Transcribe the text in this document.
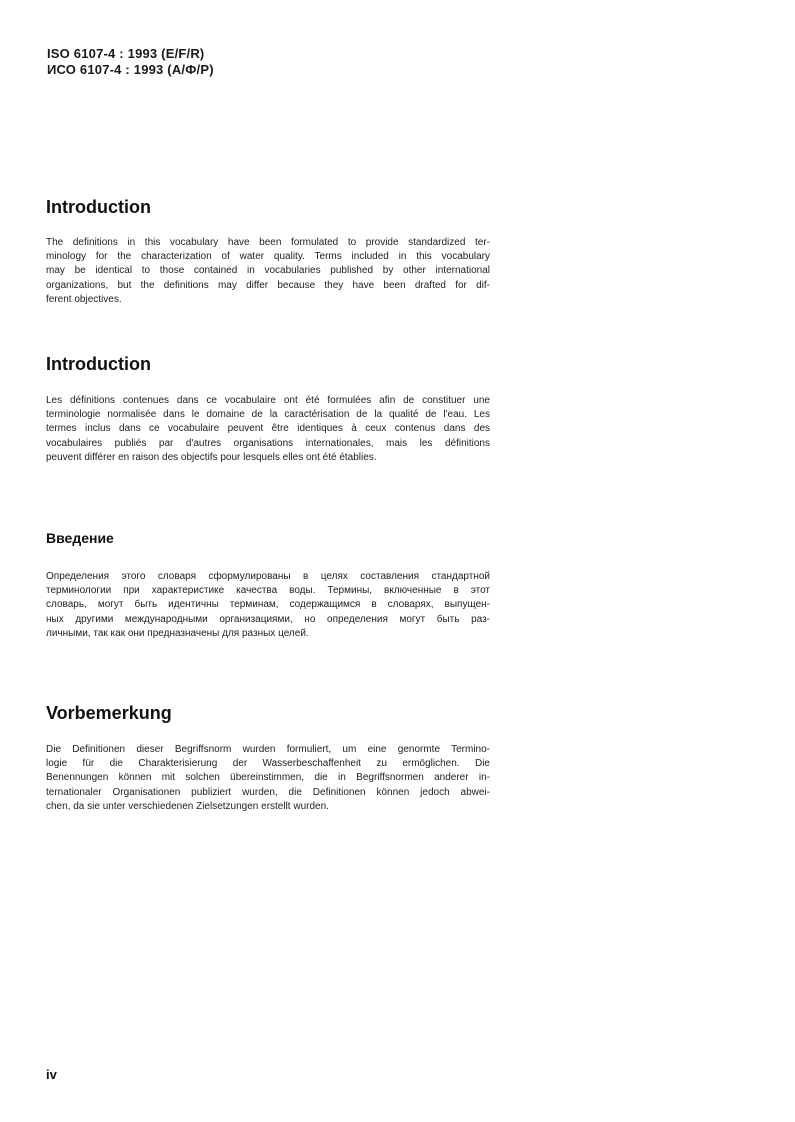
ISO 6107-4 : 1993 (E/F/R)
ИСО 6107-4 : 1993 (А/Ф/Р)
Introduction

The definitions in this vocabulary have been formulated to provide standardized ter-
minology for the characterization of water quality. Terms included in this vocabulary
may be identical to those contained in vocabularies published by other international
organizations, but the definitions may differ because they have been drafted for dif-
ferent objectives.

Introduction

Les définitions contenues dans ce vocabulaire ont été formulées afin de constituer une
terminologie normalisée dans le domaine de la caractérisation de la qualité de l'eau. Les
termes inclus dans ce vocabulaire peuvent être identiques à ceux contenus dans des
vocabulaires publiés par d'autres organisations internationales, mais les définitions
peuvent différer en raison des objectifs pour lesquels elles ont été établies.

Введение

Определения этого словаря сформулированы в целях составления стандартной
терминологии при характеристике качества воды. Термины, включенные в этот
словарь, могут быть идентичны терминам, содержащимся в словарях, выпущен-
ных другими международными организациями, но определения могут быть раз-
личными, так как они предназначены для разных целей.

Vorbemerkung

Die Definitionen dieser Begriffsnorm wurden formuliert, um eine genormte Termino-
logie für die Charakterisierung der Wasserbeschaffenheit zu ermöglichen. Die
Benennungen können mit solchen übereinstimmen, die in Begriffsnormen anderer in-
ternationaler Organisationen publiziert wurden, die Definitionen können jedoch abwei-
chen, da sie unter verschiedenen Zielsetzungen erstellt wurden.

iv
